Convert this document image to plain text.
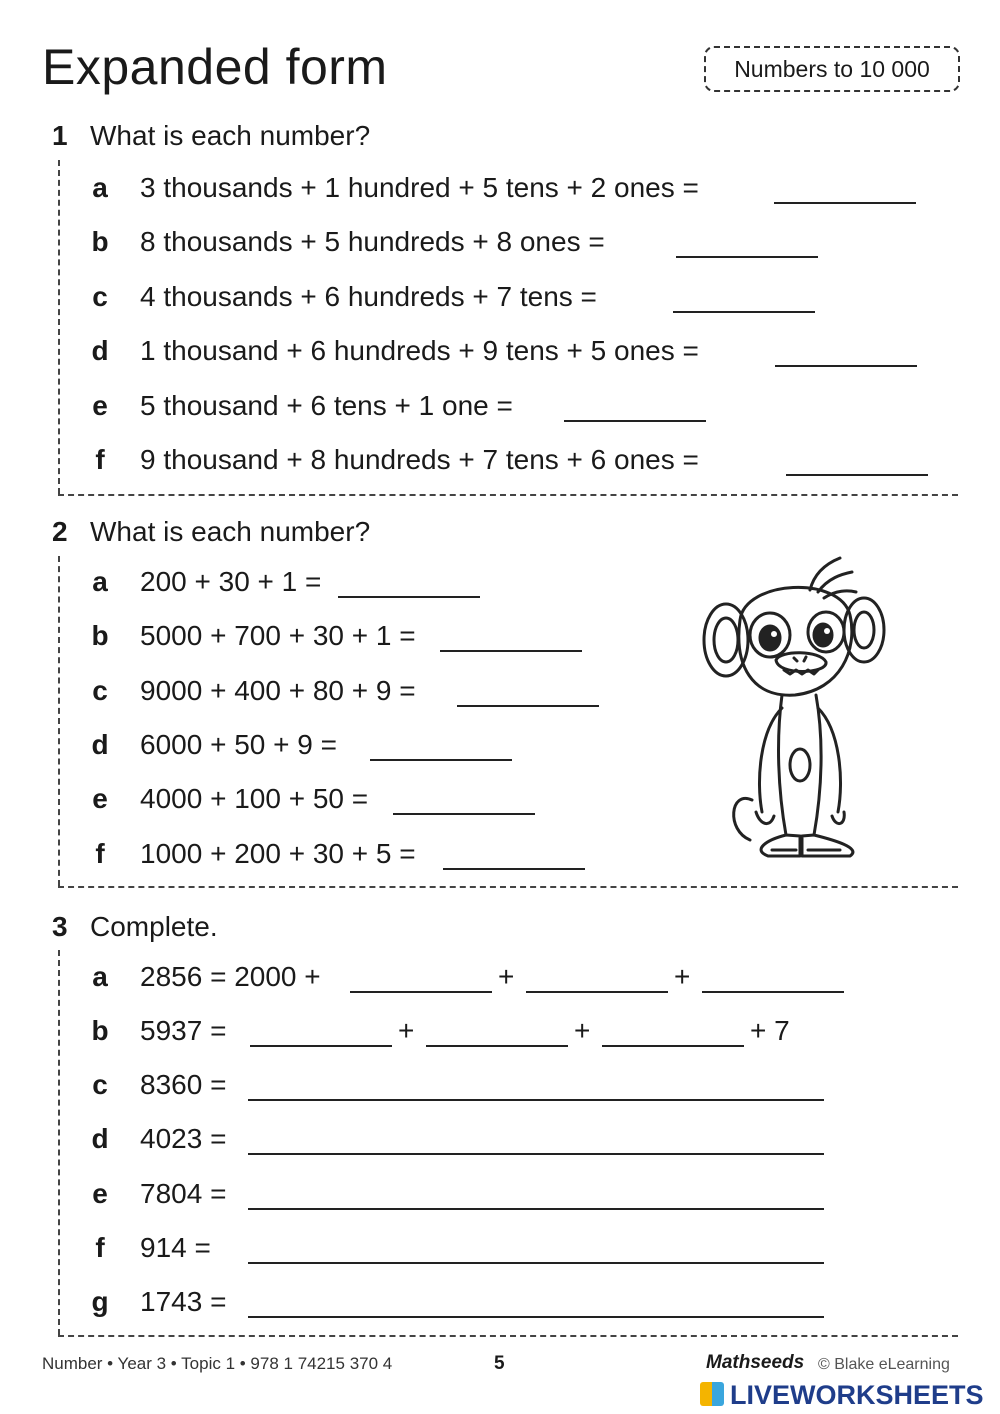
Expanded form	Numbers to 10 000
1 What is each number?
a 3 thousands + 1 hundred + 5 tens + 2 ones =
b 8 thousands + 5 hundreds + 8 ones =
c 4 thousands + 6 hundreds + 7 tens =
d 1 thousand + 6 hundreds + 9 tens + 5 ones =
e 5 thousand + 6 tens + 1 one =
f 9 thousand + 8 hundreds + 7 tens + 6 ones =
2 What is each number?
a 200 + 30 + 1 =
b 5000 + 700 + 30 + 1 =
c 9000 + 400 + 80 + 9 =
d 6000 + 50 + 9 =
e 4000 + 100 + 50 =
f 1000 + 200 + 30 + 5 =
3 Complete.
a 2856 = 2000 +	+	+
b 5937 =	+	+	+ 7
c 8360 =
d 4023 =
e 7804 =
f 914 =
g 1743 =
Number • Year 3 • Topic 1 • 978 1 74215 370 4	5	Mathseeds © Blake eLearning
LIVEWORKSHEETS
